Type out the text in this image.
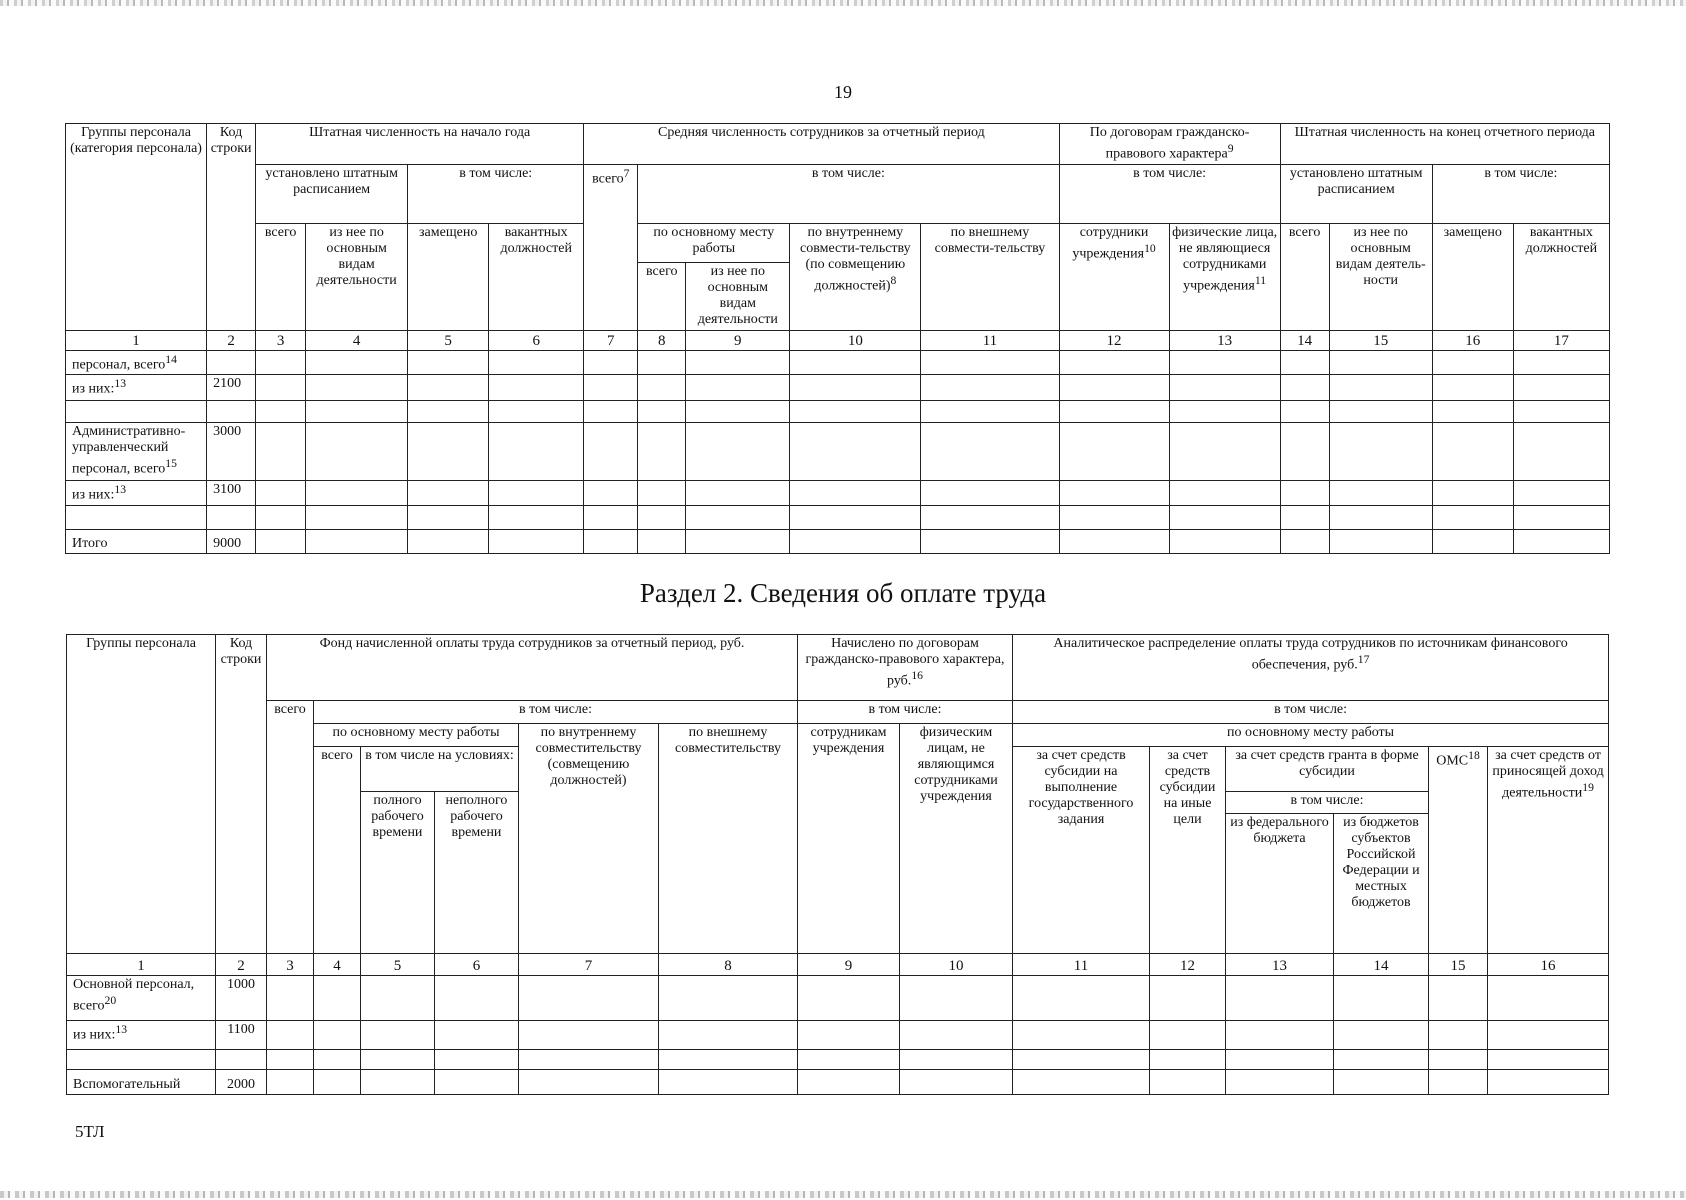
19
Группы персонала (категория персонала)	Код строки	Штатная численность на начало года				Средняя численность сотрудников за отчетный период					По договорам гражданско-правового характера$^9$		Штатная численность на конец отчетного периода			
		установлено штатным расписанием		в том числе:		всего$^7$	в том числе:				в том числе:		установлено штатным расписанием		в том числе:	
		всего	из нее по основным видам деятельности	замещено	вакантных должностей		по основному месту работы		по внутреннему совмести-тельству (по совмещению должностей)$^8$	по внешнему совмести-тельству	сотрудники учреждения$^{10}$	физические лица, не являющиеся сотрудниками учреждения$^{11}$	всего	из нее по основным видам деятель-ности	замещено	вакантных должностей
							всего	из нее по основным видам деятельности								
1	2	3	4	5	6	7	8	9	10	11	12	13	14	15	16	17
персонал, всего$^{14}$																
из них:$^{13}$	2100															

Административно-управленческий персонал, всего$^{15}$	3000															
из них:$^{13}$	3100															

Итого	9000															
Раздел 2. Сведения об оплате труда
Группы персонала	Код строки	Фонд начисленной оплаты труда сотрудников за отчетный период, руб.						Начислено по договорам гражданско-правового характера, руб.$^{16}$		Аналитическое распределение оплаты труда сотрудников по источникам финансового обеспечения, руб.$^{17}$
		всего	в том числе:					в том числе:		в том числе:					
			по основному месту работы			по внутреннему совместительству (совмещению должностей)	по внешнему совместительству	сотрудникам учреждения	физическим лицам, не являющимся сотрудниками учреждения	по основному месту работы					
			всего	в том числе на условиях:						за счет средств субсидии на выполнение государственного задания	за счет средств субсидии на иные цели	за счет средств гранта в форме субсидии		ОМС$^{18}$	за счет средств от приносящей доход деятельности$^{19}$
				полного рабочего времени	неполного рабочего времени							в том числе:			
												из федерального бюджета	из бюджетов субъектов Российской Федерации и местных бюджетов		
1	2	3	4	5	6	7	8	9	10	11	12	13	14	15	16
Основной персонал, всего$^{20}$	1000														
из них:$^{13}$	1100														

Вспомогательный	2000														
5ТЛ
